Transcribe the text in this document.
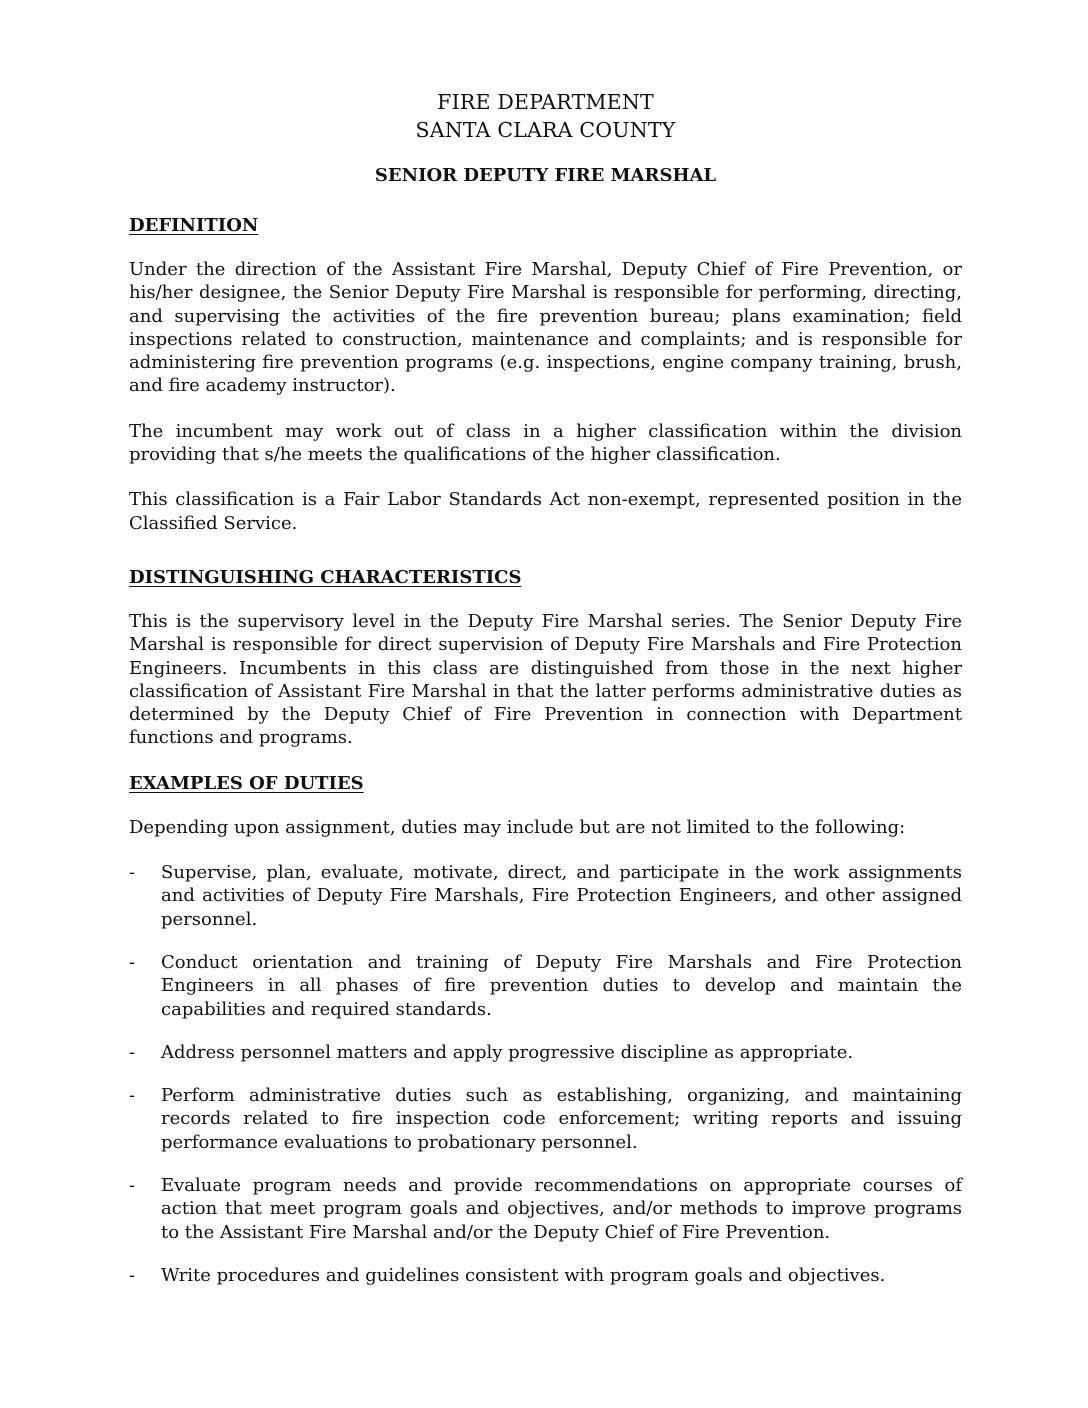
FIRE DEPARTMENT
SANTA CLARA COUNTY
SENIOR DEPUTY FIRE MARSHAL
DEFINITION

Under the direction of the Assistant Fire Marshal, Deputy Chief of Fire Prevention, or his/her designee, the Senior Deputy Fire Marshal is responsible for performing, directing, and supervising the activities of the fire prevention bureau; plans examination; field inspections related to construction, maintenance and complaints; and is responsible for administering fire prevention programs (e.g. inspections, engine company training, brush, and fire academy instructor).

The incumbent may work out of class in a higher classification within the division providing that s/he meets the qualifications of the higher classification.

This classification is a Fair Labor Standards Act non-exempt, represented position in the Classified Service.

DISTINGUISHING CHARACTERISTICS

This is the supervisory level in the Deputy Fire Marshal series. The Senior Deputy Fire Marshal is responsible for direct supervision of Deputy Fire Marshals and Fire Protection Engineers. Incumbents in this class are distinguished from those in the next higher classification of Assistant Fire Marshal in that the latter performs administrative duties as determined by the Deputy Chief of Fire Prevention in connection with Department functions and programs.

EXAMPLES OF DUTIES

Depending upon assignment, duties may include but are not limited to the following:

-	Supervise, plan, evaluate, motivate, direct, and participate in the work assignments and activities of Deputy Fire Marshals, Fire Protection Engineers, and other assigned personnel.
-	Conduct orientation and training of Deputy Fire Marshals and Fire Protection Engineers in all phases of fire prevention duties to develop and maintain the capabilities and required standards.
-	Address personnel matters and apply progressive discipline as appropriate.
-	Perform administrative duties such as establishing, organizing, and maintaining records related to fire inspection code enforcement; writing reports and issuing performance evaluations to probationary personnel.
-	Evaluate program needs and provide recommendations on appropriate courses of action that meet program goals and objectives, and/or methods to improve programs to the Assistant Fire Marshal and/or the Deputy Chief of Fire Prevention.
-	Write procedures and guidelines consistent with program goals and objectives.
